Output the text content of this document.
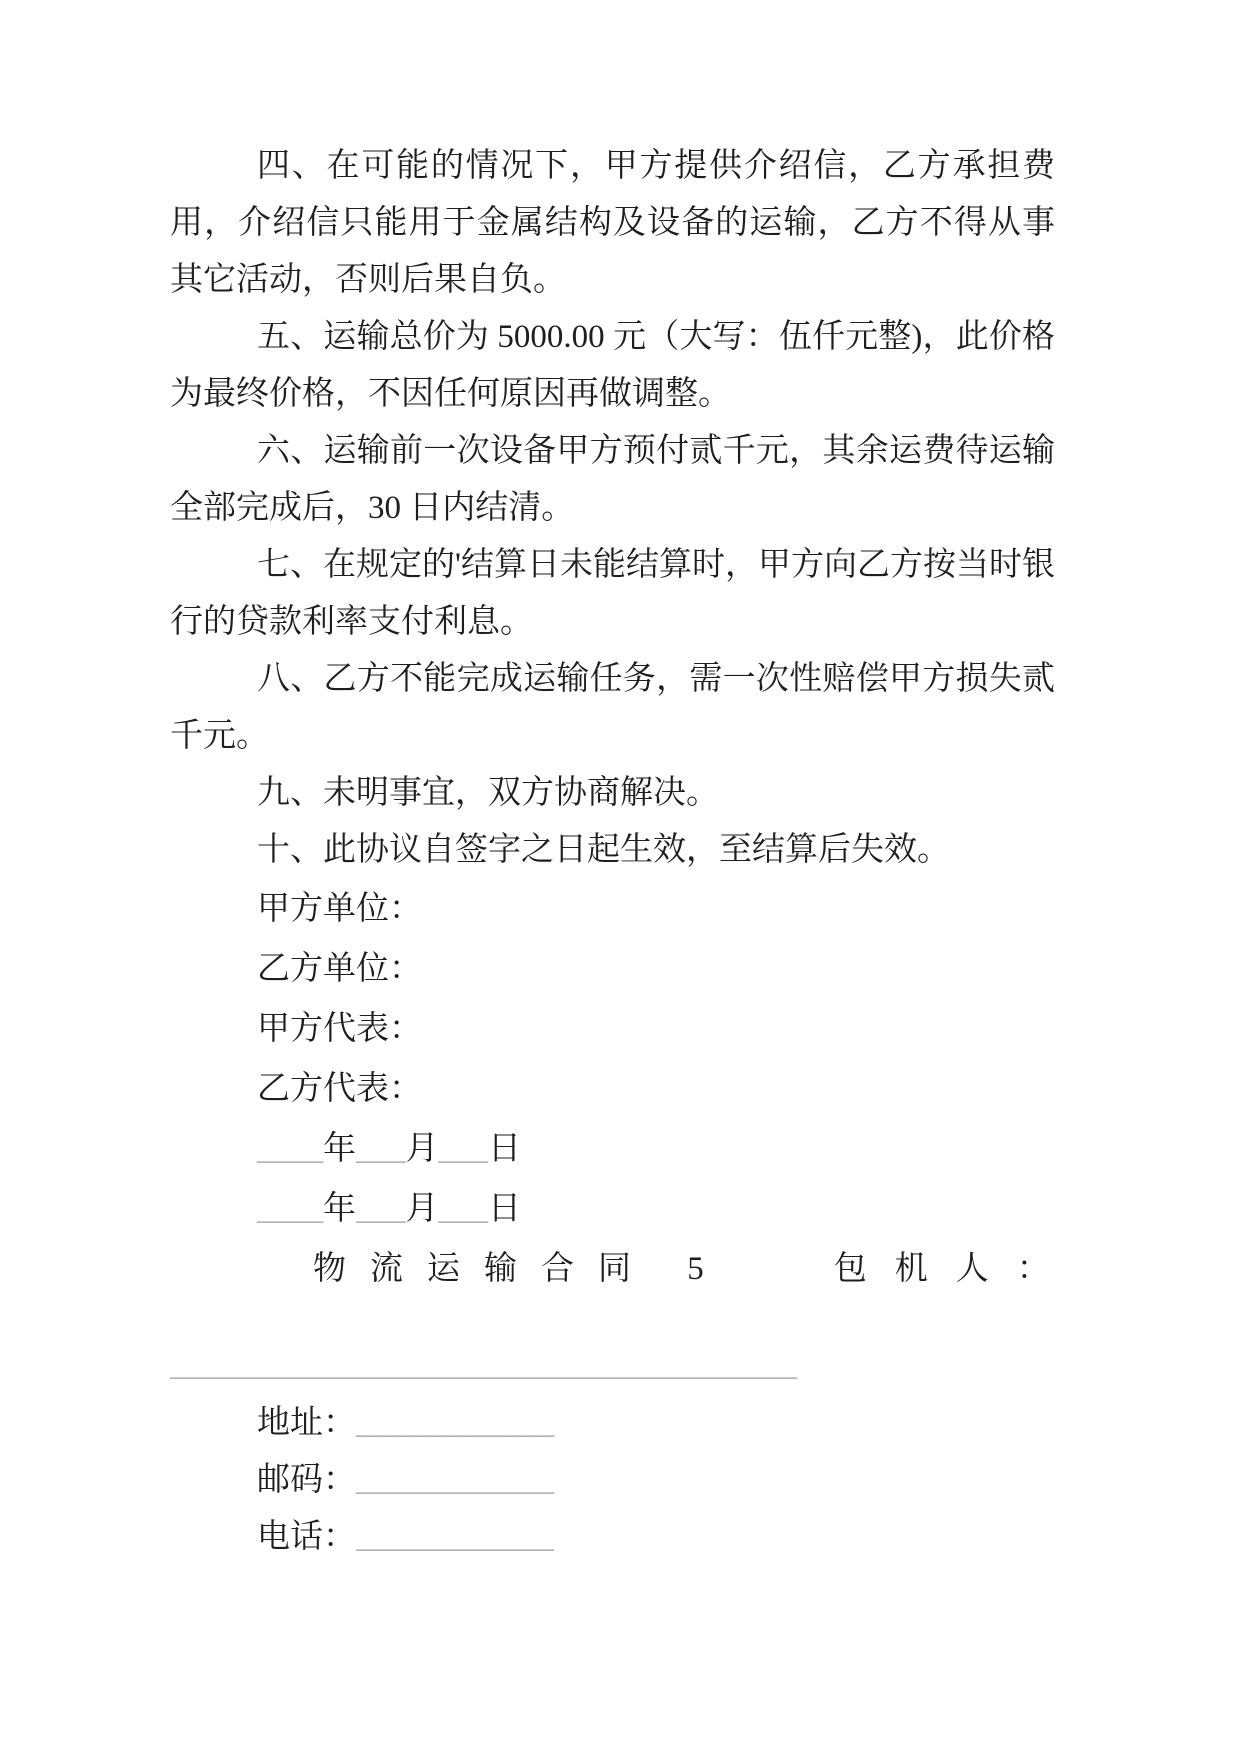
四、在可能的情况下，甲方提供介绍信，乙方承担费用，介绍信只能用于金属结构及设备的运输，乙方不得从事其它活动，否则后果自负。

五、运输总价为 5000.00 元（大写：伍仟元整)，此价格为最终价格，不因任何原因再做调整。

六、运输前一次设备甲方预付贰千元，其余运费待运输全部完成后，30 日内结清。

七、在规定的'结算日未能结算时，甲方向乙方按当时银行的贷款利率支付利息。

八、乙方不能完成运输任务，需一次性赔偿甲方损失贰千元。

九、未明事宜，双方协商解决。

十、此协议自签字之日起生效，至结算后失效。

甲方单位：
乙方单位：
甲方代表：
乙方代表：
____年___月___日
____年___月___日
物流运输合同 5	包机人：
______________________________________
地址：____________
邮码：____________
电话：____________
